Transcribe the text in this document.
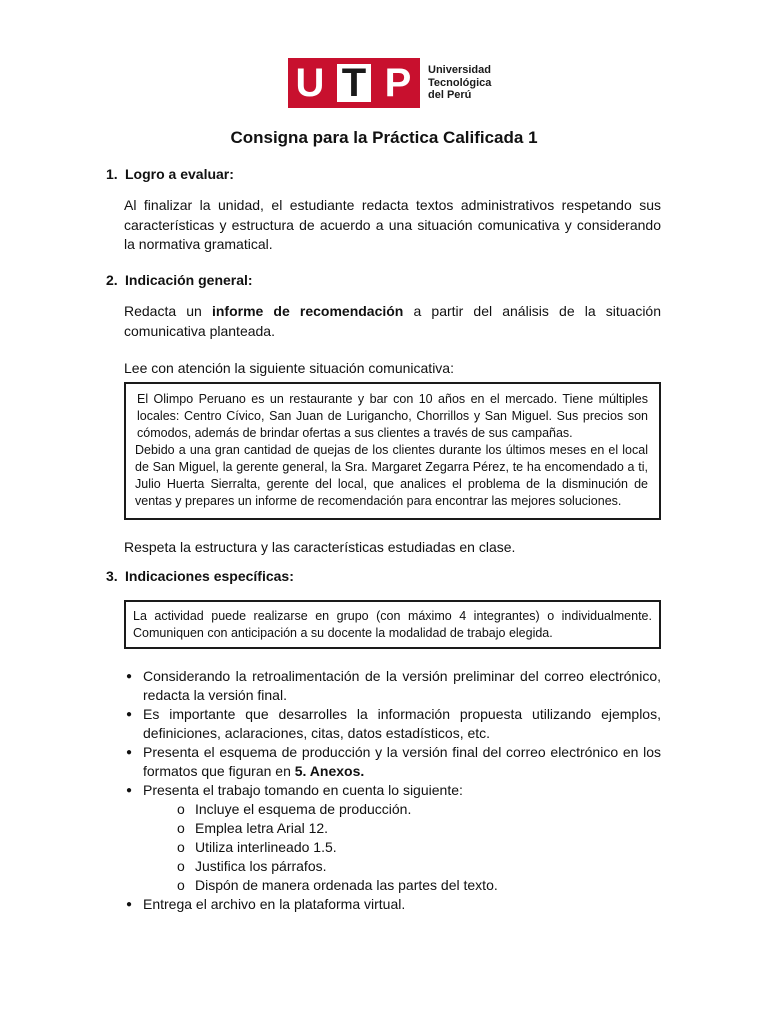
U T P	Universidad
Tecnológica
del Perú
Consigna para la Práctica Calificada 1
1. Logro a evaluar:
Al finalizar la unidad, el estudiante redacta textos administrativos respetando sus características y estructura de acuerdo a una situación comunicativa y considerando la normativa gramatical.
2. Indicación general:
Redacta un informe de recomendación a partir del análisis de la situación comunicativa planteada.
Lee con atención la siguiente situación comunicativa:
El Olimpo Peruano es un restaurante y bar con 10 años en el mercado. Tiene múltiples locales: Centro Cívico, San Juan de Lurigancho, Chorrillos y San Miguel. Sus precios son cómodos, además de brindar ofertas a sus clientes a través de sus campañas.
Debido a una gran cantidad de quejas de los clientes durante los últimos meses en el local de San Miguel, la gerente general, la Sra. Margaret Zegarra Pérez, te ha encomendado a ti, Julio Huerta Sierralta, gerente del local, que analices el problema de la disminución de ventas y prepares un informe de recomendación para encontrar las mejores soluciones.
Respeta la estructura y las características estudiadas en clase.
3. Indicaciones específicas:
La actividad puede realizarse en grupo (con máximo 4 integrantes) o individualmente. Comuniquen con anticipación a su docente la modalidad de trabajo elegida.
● Considerando la retroalimentación de la versión preliminar del correo electrónico, redacta la versión final.
● Es importante que desarrolles la información propuesta utilizando ejemplos, definiciones, aclaraciones, citas, datos estadísticos, etc.
● Presenta el esquema de producción y la versión final del correo electrónico en los formatos que figuran en 5. Anexos.
● Presenta el trabajo tomando en cuenta lo siguiente:
o Incluye el esquema de producción.
o Emplea letra Arial 12.
o Utiliza interlineado 1.5.
o Justifica los párrafos.
o Dispón de manera ordenada las partes del texto.
● Entrega el archivo en la plataforma virtual.
